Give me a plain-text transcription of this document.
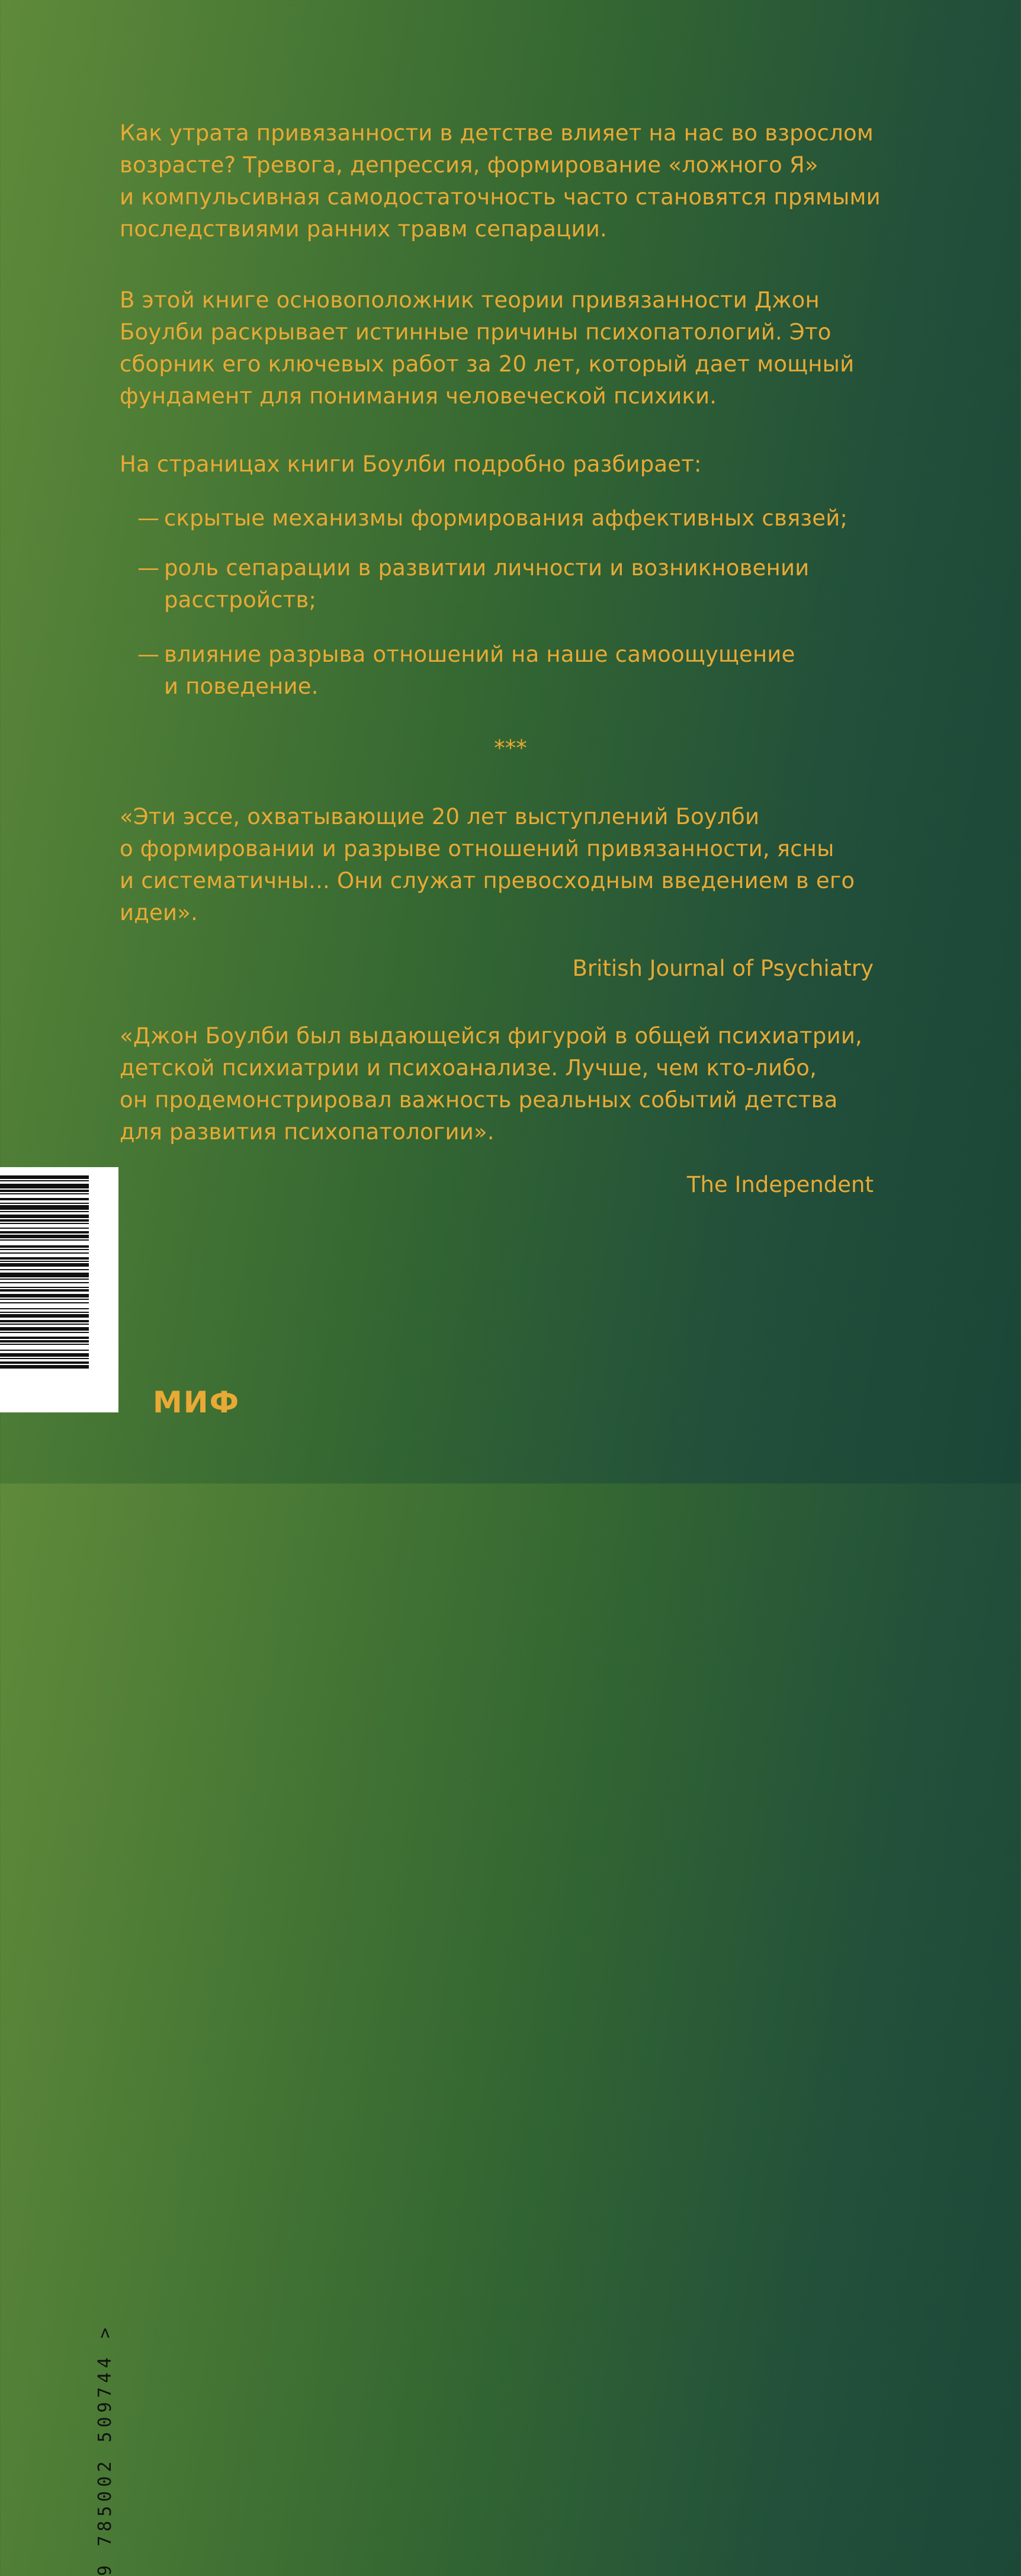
Как утрата привязанности в детстве влияет на нас во взрослом
возрасте? Тревога, депрессия, формирование «ложного Я»
и компульсивная самодостаточность часто становятся прямыми
последствиями ранних травм сепарации.
В этой книге основоположник теории привязанности Джон
Боулби раскрывает истинные причины психопатологий. Это
сборник его ключевых работ за 20 лет, который дает мощный
фундамент для понимания человеческой психики.
На страницах книги Боулби подробно разбирает:
— скрытые механизмы формирования аффективных связей;
— роль сепарации в развитии личности и возникновении
расстройств;
— влияние разрыва отношений на наше самоощущение
и поведение.
***
«Эти эссе, охватывающие 20 лет выступлений Боулби
о формировании и разрыве отношений привязанности, ясны
и систематичны... Они служат превосходным введением в его
идеи».
British Journal of Psychiatry
«Джон Боулби был выдающейся фигурой в общей психиатрии,
детской психиатрии и психоанализе. Лучше, чем кто-либо,
он продемонстрировал важность реальных событий детства
для развития психопатологии».
The Independent
9 785002 509744 >
МИФ
